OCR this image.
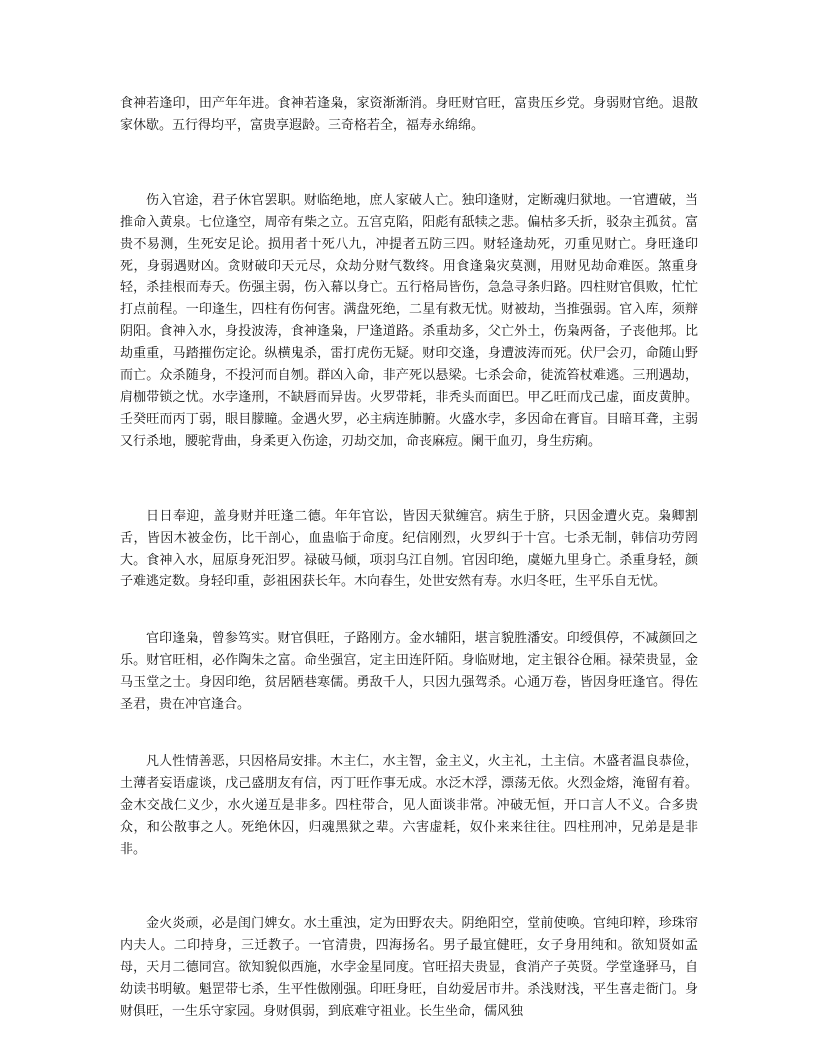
食神若逢印，田产年年进。食神若逢枭，家资渐渐消。身旺财官旺，富贵压乡党。身弱财官绝。退散家休歇。五行得均平，富贵享遐龄。三奇格若全，福寿永绵绵。

伤入官途，君子休官罢职。财临绝地，庶人家破人亡。独印逢财，定断魂归狱地。一官遭破，当推命入黄泉。七位逢空，周帝有柴之立。五宫克陷，阳彪有舐犊之悲。偏枯多夭折，驳杂主孤贫。富贵不易测，生死安足论。损用者十死八九，冲提者五防三四。财轻逢劫死，刃重见财亡。身旺逢印死，身弱遇财凶。贪财破印天元尽，众劫分财气数终。用食逢枭灾莫测，用财见劫命难医。煞重身轻，杀挂根而寿夭。伤强主弱，伤入幕以身亡。五行格局皆伤，急急寻条归路。四柱财官俱败，忙忙打点前程。一印逢生，四柱有伤何害。满盘死绝，二星有救无忧。财被劫，当推强弱。官入库，须辩阴阳。食神入水，身投波涛，食神逢枭，尸逢道路。杀重劫多，父亡外土，伤枭两备，子丧他邦。比劫重重，马踏摧伤定论。纵横鬼杀，雷打虎伤无疑。财印交逢，身遭波涛而死。伏尸会刃，命随山野而亡。众杀随身，不投河而自刎。群凶入命，非产死以悬梁。七杀会命，徒流笞杖难逃。三刑遇劫，肩枷带锁之忧。水孛逢刑，不缺唇而异齿。火罗带耗，非秃头而面巴。甲乙旺而戊己虚，面皮黄肿。壬癸旺而丙丁弱，眼目朦瞳。金遇火罗，必主病连肺腑。火盛水孛，多因命在膏盲。目暗耳聋，主弱又行杀地，腰驼背曲，身柔更入伤途，刃劫交加，命丧麻痘。阑干血刃，身生疠痢。

日日奉迎，盖身财并旺逢二德。年年官讼，皆因天狱缠宫。病生于脐，只因金遭火克。枭卿割舌，皆因木被金伤，比干剖心，血蛊临于命度。纪信刚烈，火罗纠于十宫。七杀无制，韩信功劳罔大。食神入水，屈原身死汨罗。禄破马倾，项羽乌江自刎。官因印绝，虞姬九里身亡。杀重身轻，颜子难逃定数。身轻印重，彭祖困获长年。木向春生，处世安然有寿。水归冬旺，生平乐自无忧。

官印逢枭，曾参笃实。财官俱旺，子路刚方。金水辅阳，堪言貌胜潘安。印绶俱停，不减颜回之乐。财官旺相，必作陶朱之富。命坐强宫，定主田连阡陌。身临财地，定主银谷仓厢。禄荣贵显，金马玉堂之士。身因印绝，贫居陋巷寒儒。勇敌千人，只因九强驾杀。心通万卷，皆因身旺逢官。得佐圣君，贵在冲官逢合。

凡人性情善恶，只因格局安排。木主仁，水主智，金主义，火主礼，土主信。木盛者温良恭俭，土薄者妄语虚谈，戊己盛朋友有信，丙丁旺作事无成。水泛木浮，漂荡无依。火烈金熔，淹留有着。金木交战仁义少，水火递互是非多。四柱带合，见人面谈非常。冲破无恒，开口言人不义。合多贵众，和公散事之人。死绝休囚，归魂黑狱之辈。六害虚耗，奴仆来来往往。四柱刑冲，兄弟是是非非。

金火炎顽，必是闺门婢女。水土重浊，定为田野农夫。阴绝阳空，堂前使唤。官纯印粹，珍珠帘内夫人。二印持身，三迁教子。一官清贵，四海扬名。男子最宜健旺，女子身用纯和。欲知贤如孟母，天月二德同宫。欲知貌似西施，水孛金星同度。官旺招夫贵显，食消产子英贤。学堂逢驿马，自幼读书明敏。魁罡带七杀，生平性傲刚强。印旺身旺，自幼爱居市井。杀浅财浅，平生喜走衙门。身财俱旺，一生乐守家园。身财俱弱，到底难守祖业。长生坐命，儒风独
